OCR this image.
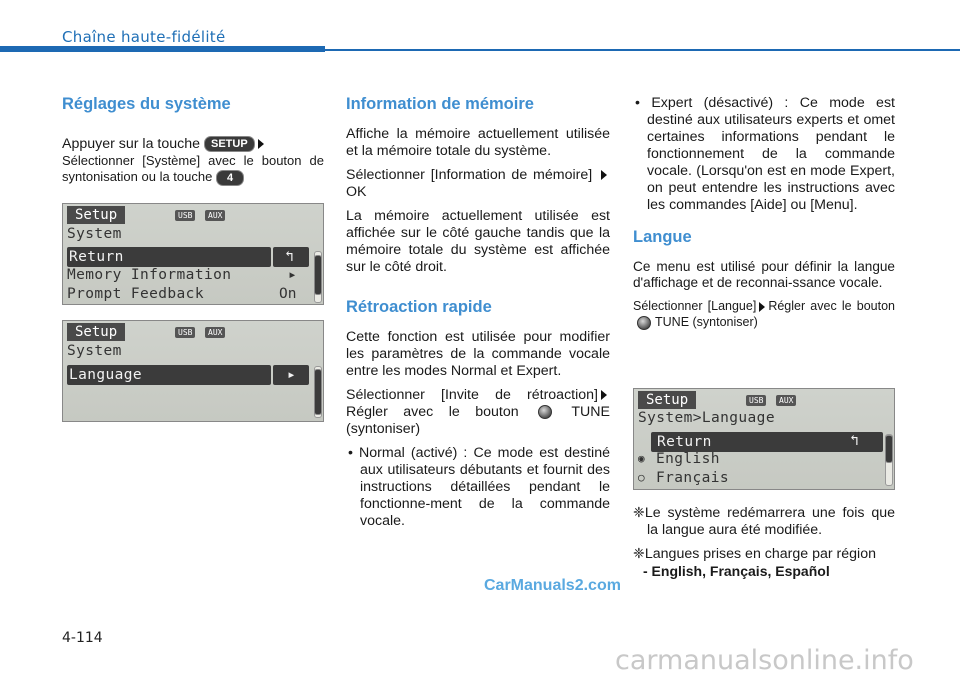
Chaîne haute-fidélité
Réglages du système

Appuyer sur la touche SETUP

Sélectionner [Système] avec le bouton de syntonisation ou la touche 4

Setup	USB	AUX
System
Return	↰
Memory Information	▸
Prompt Feedback	On
Setup	USB	AUX
System
Language	▸
Information de mémoire

Affiche la mémoire actuellement utilisée et la mémoire totale du système.

Sélectionner [Information de mémoire] OK

La mémoire actuellement utilisée est affichée sur le côté gauche tandis que la mémoire totale du système est affichée sur le côté droit.

Rétroaction rapide

Cette fonction est utilisée pour modifier les paramètres de la commande vocale entre les modes Normal et Expert.

Sélectionner [Invite de rétroaction] Régler avec le bouton	TUNE (syntoniser)

• Normal (activé) : Ce mode est destiné aux utilisateurs débutants et fournit des instructions détaillées pendant le fonctionne-ment de la commande vocale.

• Expert (désactivé) : Ce mode est destiné aux utilisateurs experts et omet certaines informations pendant le fonctionnement de la commande vocale. (Lorsqu'on est en mode Expert, on peut entendre les instructions avec les commandes [Aide] ou [Menu].

Langue

Ce menu est utilisé pour définir la langue d'affichage et de reconnai-ssance vocale.

Sélectionner [Langue] Régler avec le bouton TUNE (syntoniser)

Setup	USB	AUX
System>Language
Return	↰
◉ English
○ Français

❈Le système redémarrera une fois que la langue aura été modifiée.

❈Langues prises en charge par région

- English, Français, Español
CarManuals2.com
4-114
carmanualsonline.info
